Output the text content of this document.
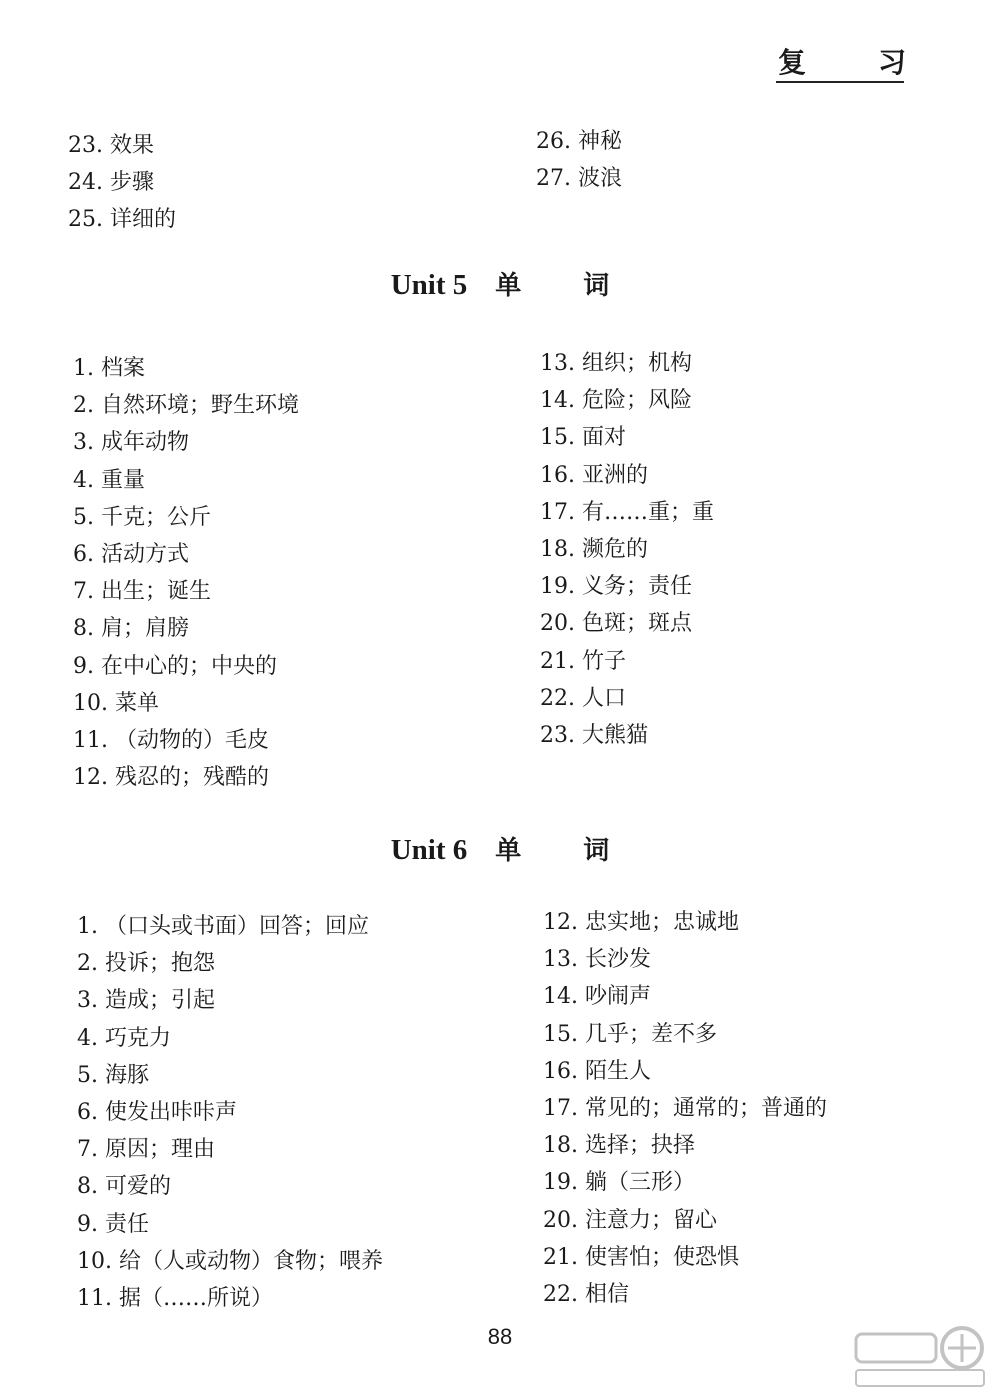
复	习
23. 效果
24. 步骤
25. 详细的
26. 神秘
27. 波浪
Unit 5 单 词
1. 档案
2. 自然环境；野生环境
3. 成年动物
4. 重量
5. 千克；公斤
6. 活动方式
7. 出生；诞生
8. 肩；肩膀
9. 在中心的；中央的
10. 菜单
11. （动物的）毛皮
12. 残忍的；残酷的
13. 组织；机构
14. 危险；风险
15. 面对
16. 亚洲的
17. 有……重；重
18. 濒危的
19. 义务；责任
20. 色斑；斑点
21. 竹子
22. 人口
23. 大熊猫
Unit 6 单 词
1. （口头或书面）回答；回应
2. 投诉；抱怨
3. 造成；引起
4. 巧克力
5. 海豚
6. 使发出咔咔声
7. 原因；理由
8. 可爱的
9. 责任
10. 给（人或动物）食物；喂养
11. 据（……所说）
12. 忠实地；忠诚地
13. 长沙发
14. 吵闹声
15. 几乎；差不多
16. 陌生人
17. 常见的；通常的；普通的
18. 选择；抉择
19. 躺（三形）
20. 注意力；留心
21. 使害怕；使恐惧
22. 相信
88
